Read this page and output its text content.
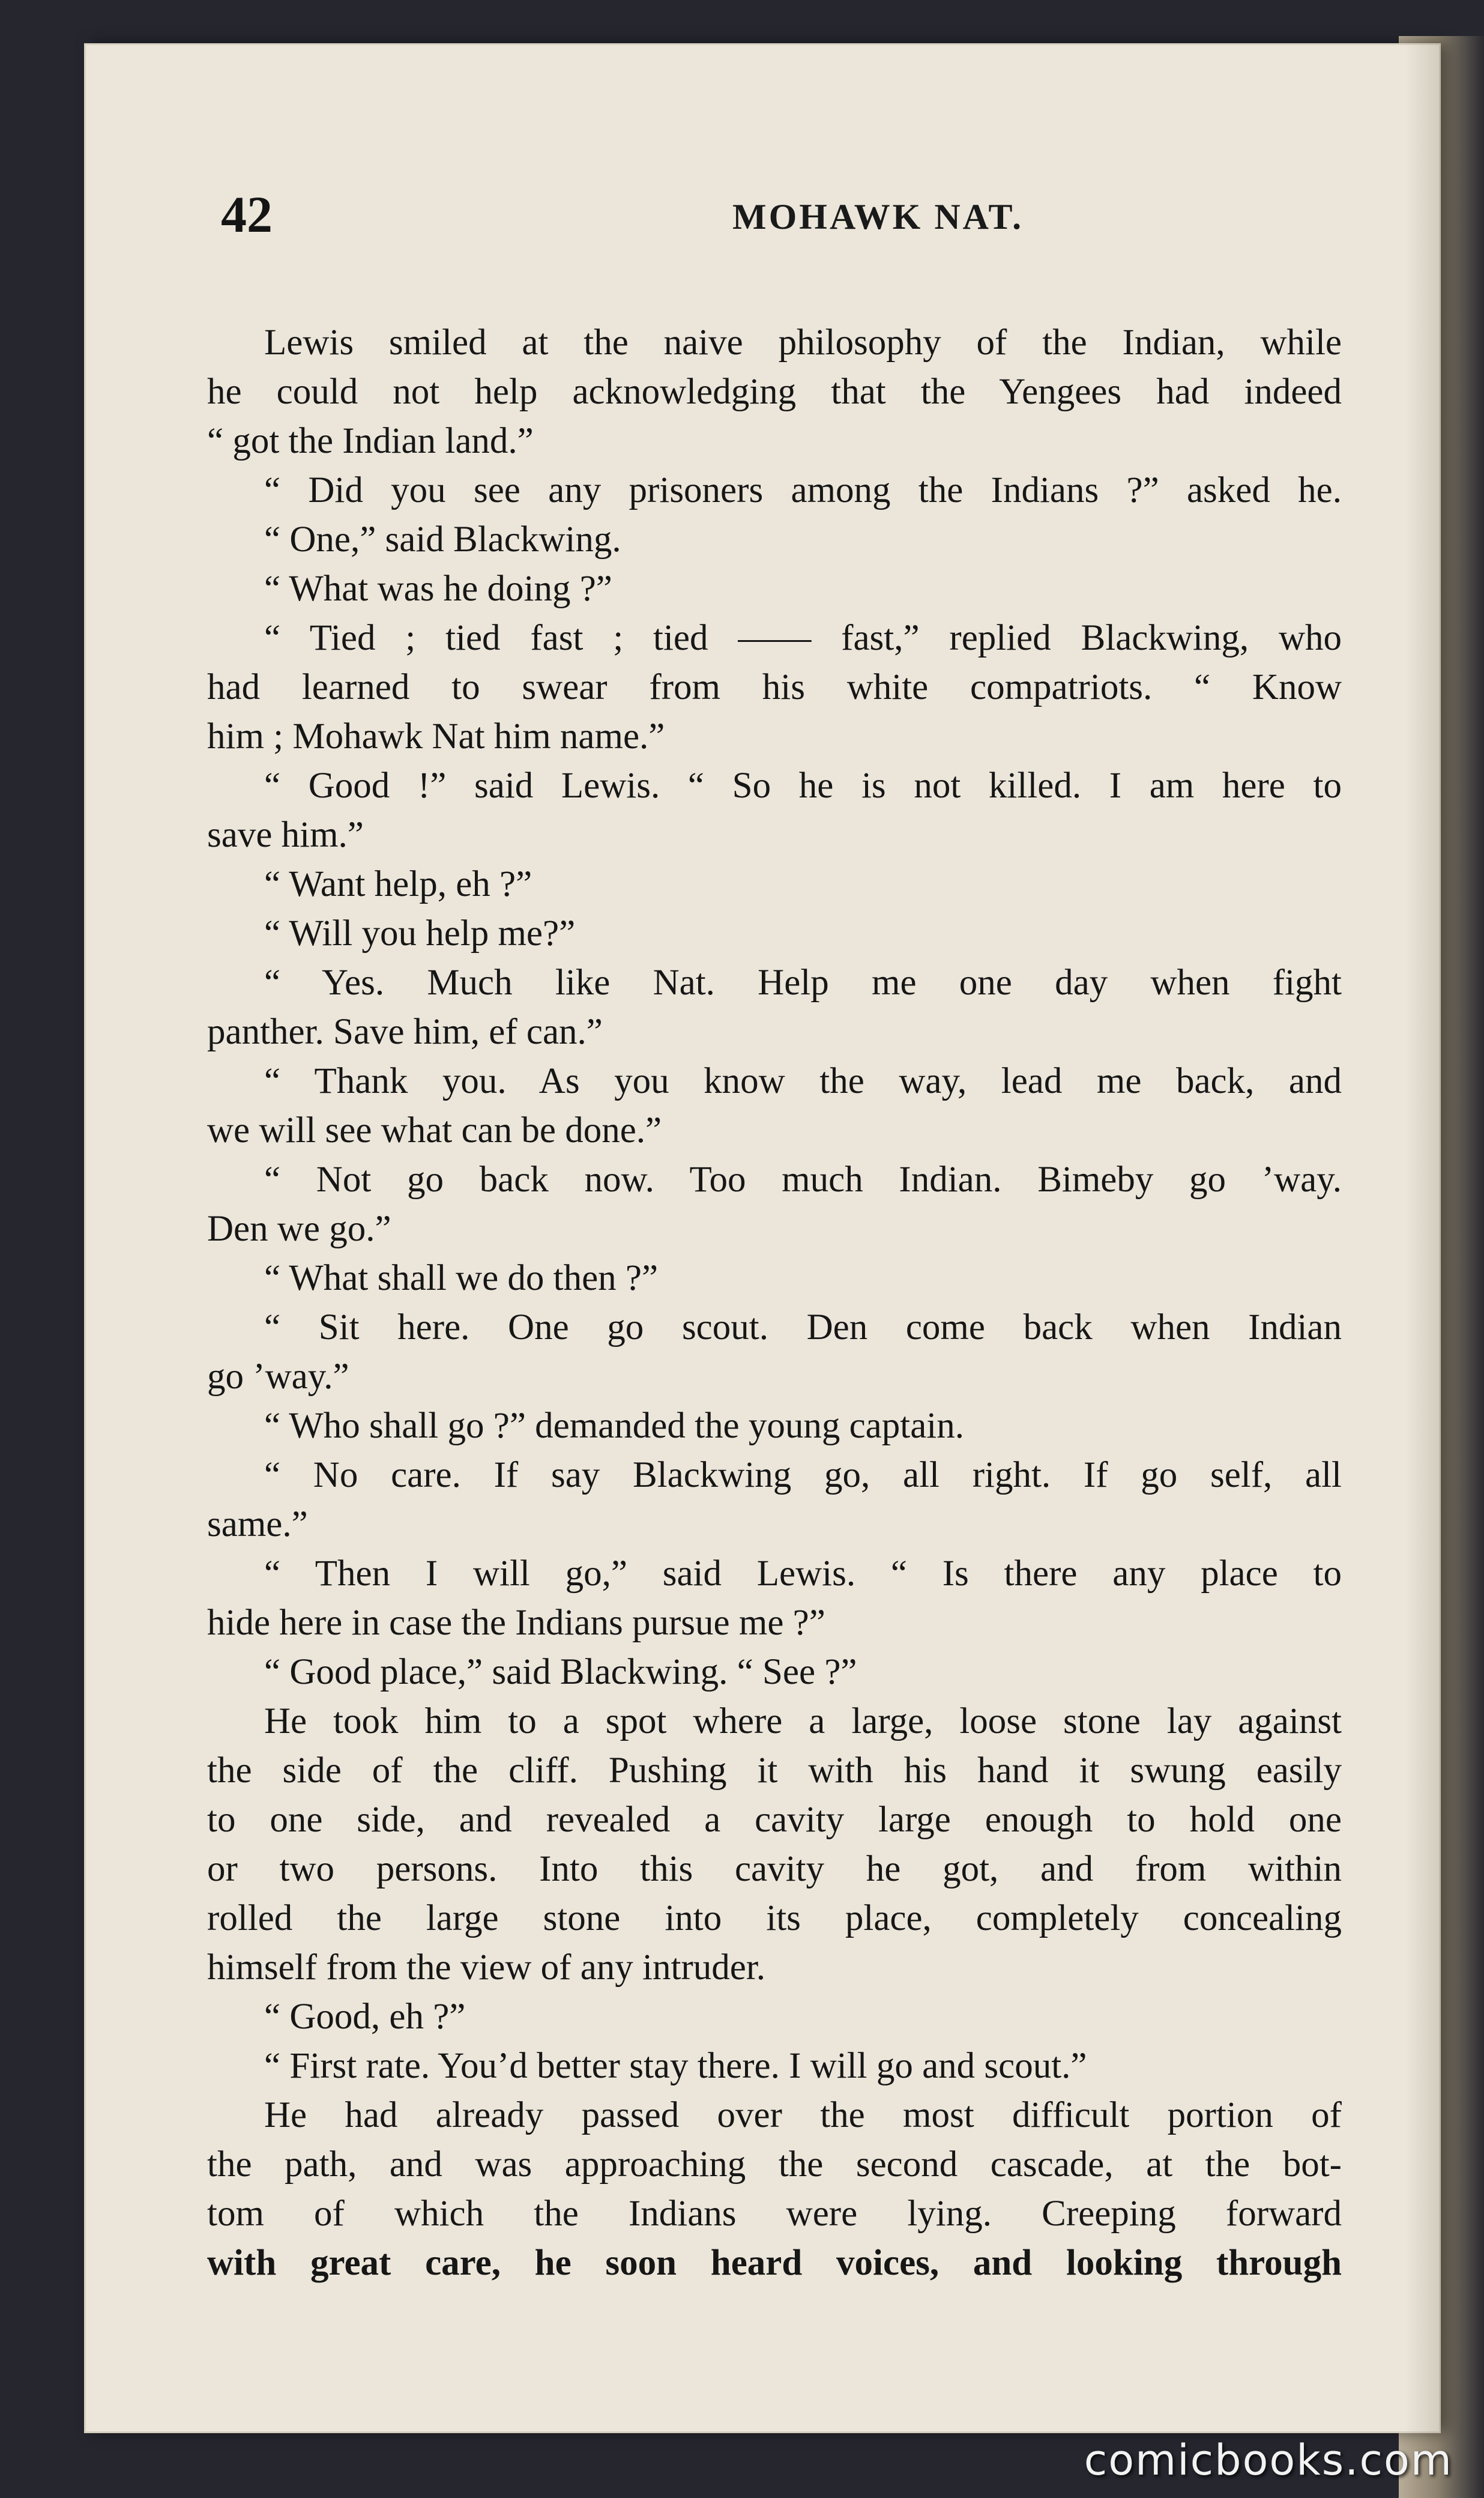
42	MOHAWK NAT.
Lewis smiled at the naive philosophy of the Indian, while
he could not help acknowledging that the Yengees had indeed
“ got the Indian land.”
“ Did you see any prisoners among the Indians ?” asked he.
“ One,” said Blackwing.
“ What was he doing ?”
“ Tied ; tied fast ; tied —— fast,” replied Blackwing, who
had learned to swear from his white compatriots. “ Know
him ; Mohawk Nat him name.”
“ Good !” said Lewis. “ So he is not killed. I am here to
save him.”
“ Want help, eh ?”
“ Will you help me?”
“ Yes. Much like Nat. Help me one day when fight
panther. Save him, ef can.”
“ Thank you. As you know the way, lead me back, and
we will see what can be done.”
“ Not go back now. Too much Indian. Bimeby go ’way.
Den we go.”
“ What shall we do then ?”
“ Sit here. One go scout. Den come back when Indian
go ’way.”
“ Who shall go ?” demanded the young captain.
“ No care. If say Blackwing go, all right. If go self, all
same.”
“ Then I will go,” said Lewis. “ Is there any place to
hide here in case the Indians pursue me ?”
“ Good place,” said Blackwing. “ See ?”
He took him to a spot where a large, loose stone lay against
the side of the cliff. Pushing it with his hand it swung easily
to one side, and revealed a cavity large enough to hold one
or two persons. Into this cavity he got, and from within
rolled the large stone into its place, completely concealing
himself from the view of any intruder.
“ Good, eh ?”
“ First rate. You’d better stay there. I will go and scout.”
He had already passed over the most difficult portion of
the path, and was approaching the second cascade, at the bot-
tom of which the Indians were lying. Creeping forward
with great care, he soon heard voices, and looking through
comicbooks.com
